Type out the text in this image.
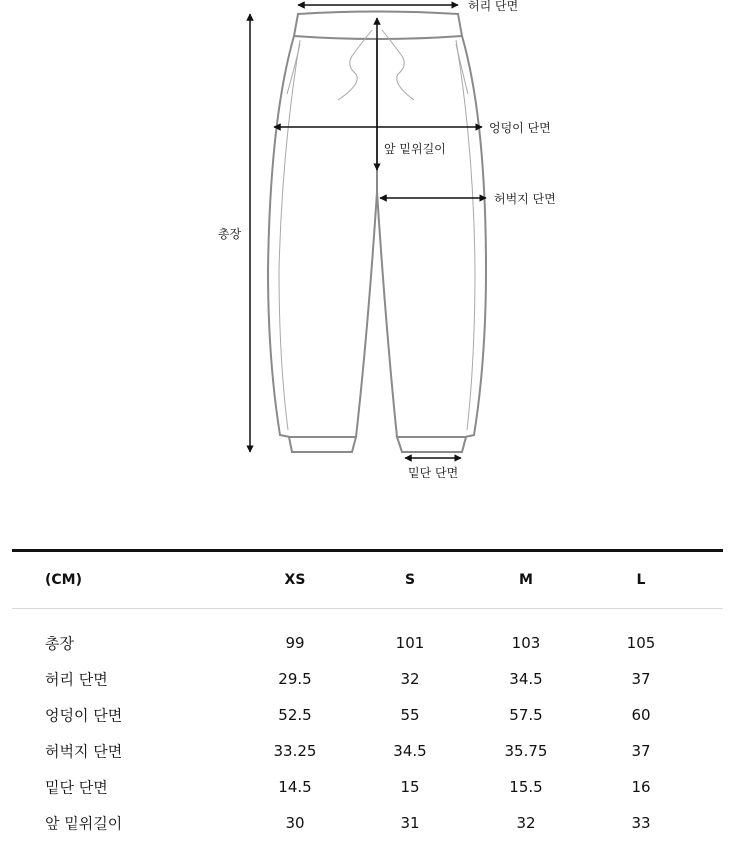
허리 단면
엉덩이 단면
앞 밑위길이
허벅지 단면
총장
밑단 단면
(CM)	XS	S	M	L
총장	99	101	103	105
허리 단면	29.5	32	34.5	37
엉덩이 단면	52.5	55	57.5	60
허벅지 단면	33.25	34.5	35.75	37
밑단 단면	14.5	15	15.5	16
앞 밑위길이	30	31	32	33
